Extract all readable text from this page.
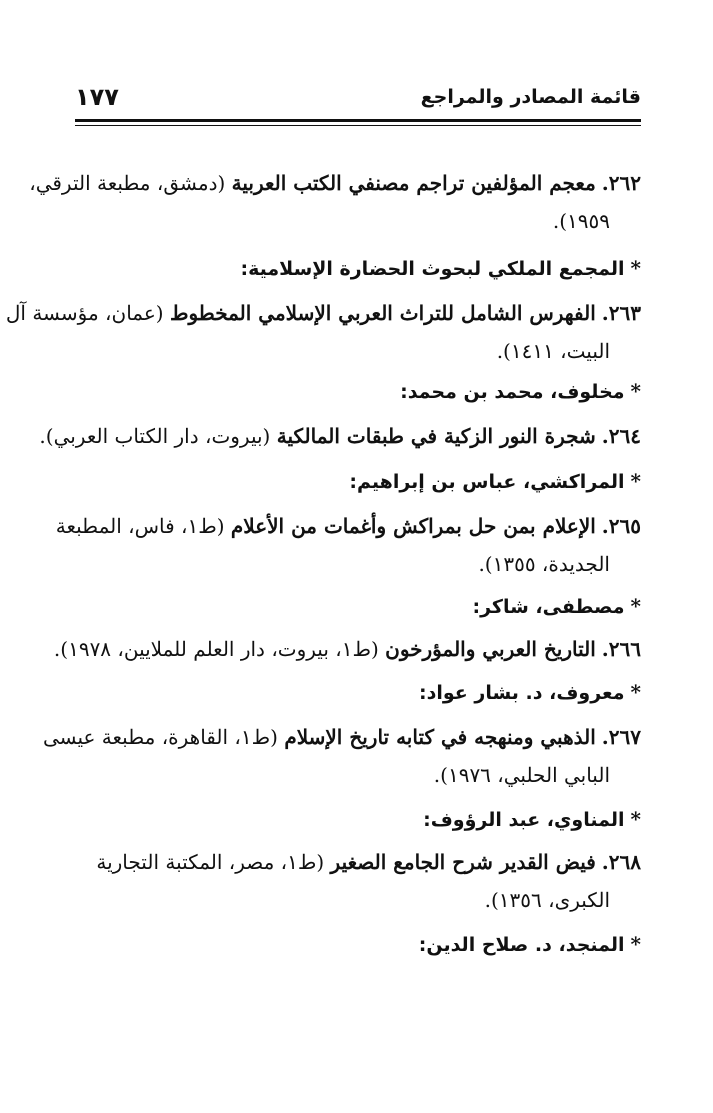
قائمة المصادر والمراجع
١٧٧
٢٦٢.معجم المؤلفين تراجم مصنفي الكتب العربية (دمشق، مطبعة الترقي،
١٩٥٩).
*المجمع الملكي لبحوث الحضارة الإسلامية:
٢٦٣.الفهرس الشامل للتراث العربي الإسلامي المخطوط (عمان، مؤسسة آل
البيت، ١٤١١).
*مخلوف، محمد بن محمد:
٢٦٤.شجرة النور الزكية في طبقات المالكية (بيروت، دار الكتاب العربي).
*المراكشي، عباس بن إبراهيم:
٢٦٥.الإعلام بمن حل بمراكش وأغمات من الأعلام (ط١، فاس، المطبعة
الجديدة، ١٣٥٥).
*مصطفى، شاكر:
٢٦٦.التاريخ العربي والمؤرخون (ط١، بيروت، دار العلم للملايين، ١٩٧٨).
*معروف، د. بشار عواد:
٢٦٧.الذهبي ومنهجه في كتابه تاريخ الإسلام (ط١، القاهرة، مطبعة عيسى
البابي الحلبي، ١٩٧٦).
*المناوي، عبد الرؤوف:
٢٦٨.فيض القدير شرح الجامع الصغير (ط١، مصر، المكتبة التجارية
الكبرى، ١٣٥٦).
*المنجد، د. صلاح الدين:
